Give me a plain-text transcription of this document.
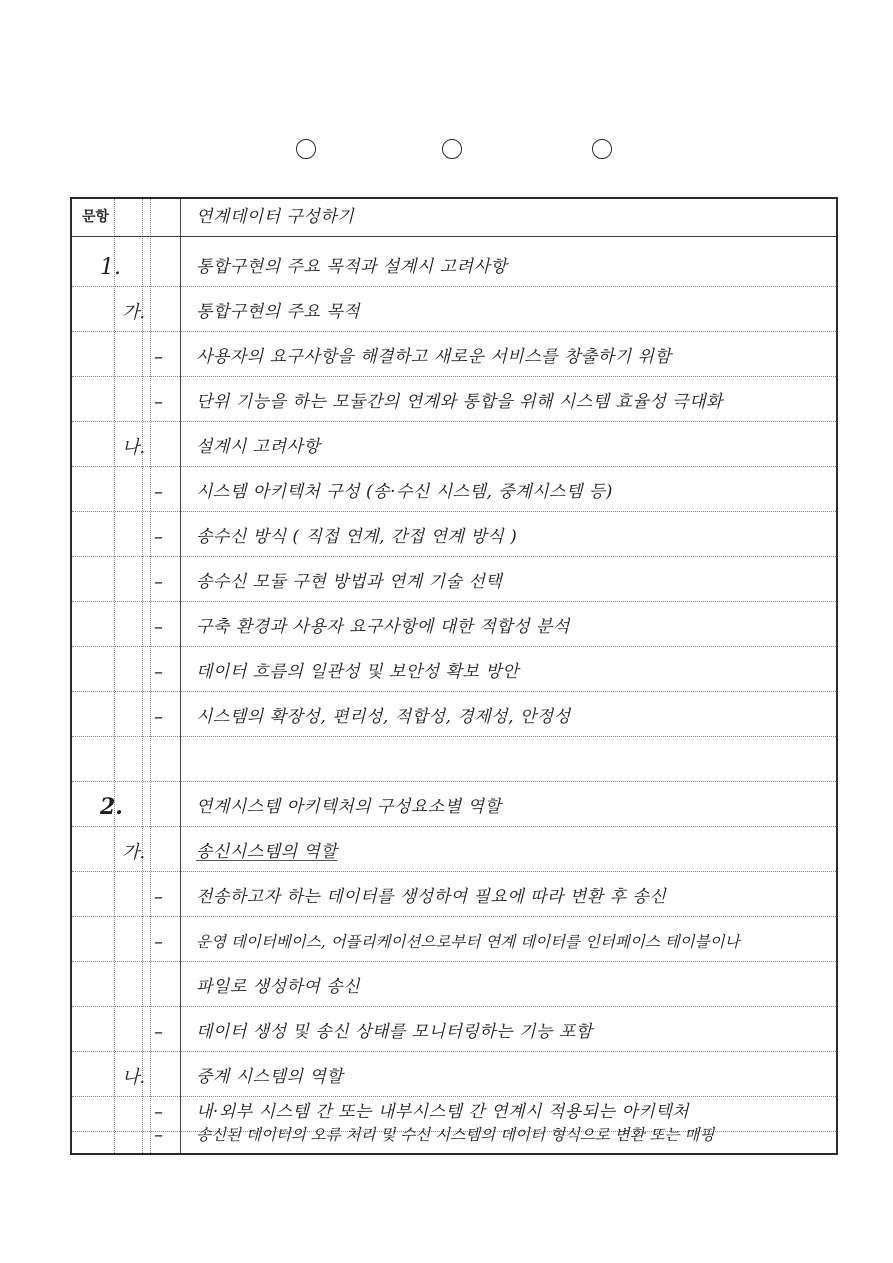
문항	연계데이터 구성하기
1.	통합구현의 주요 목적과 설계시 고려사항
가.	통합구현의 주요 목적
– 사용자의 요구사항을 해결하고 새로운 서비스를 창출하기 위함
– 단위 기능을 하는 모듈간의 연계와 통합을 위해 시스템 효율성 극대화
나.	설계시 고려사항
– 시스템 아키텍처 구성 (송·수신 시스템, 중계시스템 등)
– 송수신 방식 ( 직접 연계, 간접 연계 방식 )
– 송수신 모듈 구현 방법과 연계 기술 선택
– 구축 환경과 사용자 요구사항에 대한 적합성 분석
– 데이터 흐름의 일관성 및 보안성 확보 방안
– 시스템의 확장성, 편리성, 적합성, 경제성, 안정성
2.	연계시스템 아키텍처의 구성요소별 역할
가.	송신시스템의 역할
– 전송하고자 하는 데이터를 생성하여 필요에 따라 변환 후 송신
– 운영 데이터베이스, 어플리케이션으로부터 연계 데이터를 인터페이스 테이블이나
파일로 생성하여 송신
– 데이터 생성 및 송신 상태를 모니터링하는 기능 포함
나.	중계 시스템의 역할
– 내·외부 시스템 간 또는 내부시스템 간 연계시 적용되는 아키텍처
– 송신된 데이터의 오류 처리 및 수신 시스템의 데이터 형식으로 변환 또는 매핑
